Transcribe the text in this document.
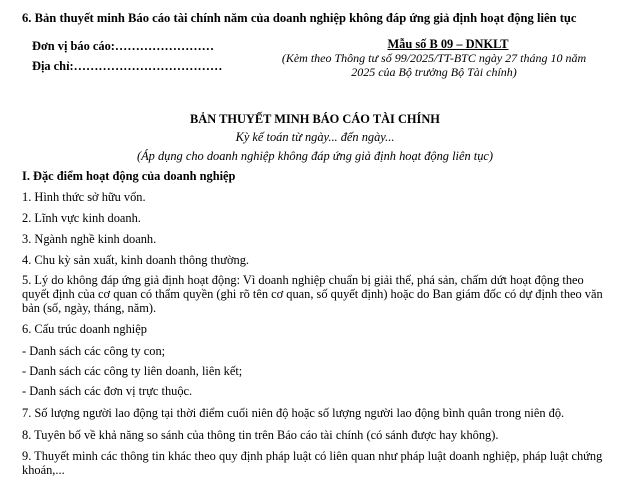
6. Bản thuyết minh Báo cáo tài chính năm của doanh nghiệp không đáp ứng giả định hoạt động liên tục
Đơn vị báo cáo:……………………
Địa chỉ:………………………………
Mẫu số B 09 – DNKLT
(Kèm theo Thông tư số 99/2025/TT-BTC ngày 27 tháng 10 năm 2025 của Bộ trưởng Bộ Tài chính)
BẢN THUYẾT MINH BÁO CÁO TÀI CHÍNH
Kỳ kế toán từ ngày... đến ngày...
(Áp dụng cho doanh nghiệp không đáp ứng giả định hoạt động liên tục)
I. Đặc điểm hoạt động của doanh nghiệp
1. Hình thức sở hữu vốn.
2. Lĩnh vực kinh doanh.
3. Ngành nghề kinh doanh.
4. Chu kỳ sản xuất, kinh doanh thông thường.
5. Lý do không đáp ứng giả định hoạt động: Vì doanh nghiệp chuẩn bị giải thể, phá sản, chấm dứt hoạt động theo quyết định của cơ quan có thẩm quyền (ghi rõ tên cơ quan, số quyết định) hoặc do Ban giám đốc có dự định theo văn bản (số, ngày, tháng, năm).
6. Cấu trúc doanh nghiệp
- Danh sách các công ty con;
- Danh sách các công ty liên doanh, liên kết;
- Danh sách các đơn vị trực thuộc.
7. Số lượng người lao động tại thời điểm cuối niên độ hoặc số lượng người lao động bình quân trong niên độ.
8. Tuyên bố về khả năng so sánh của thông tin trên Báo cáo tài chính (có sánh được hay không).
9. Thuyết minh các thông tin khác theo quy định pháp luật có liên quan như pháp luật doanh nghiệp, pháp luật chứng khoán,...
